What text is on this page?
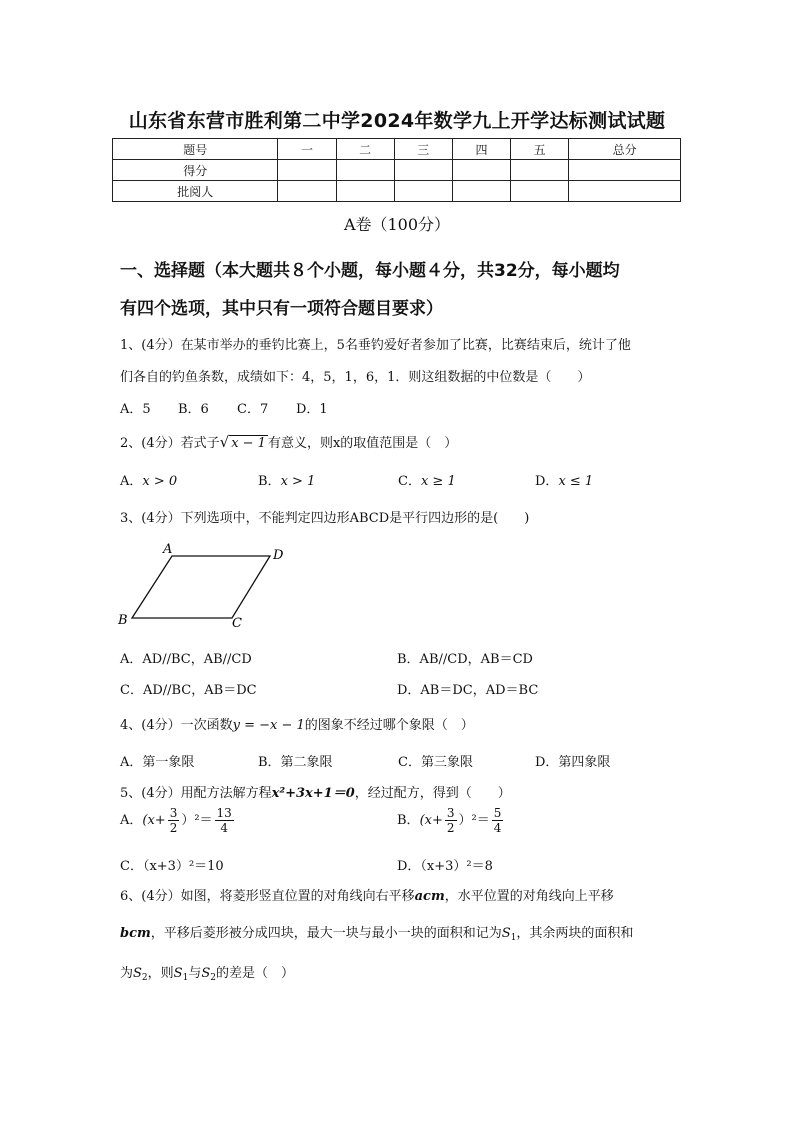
山东省东营市胜利第二中学2024年数学九上开学达标测试试题
题号	一	二	三	四	五	总分
得分						
批阅人						
A卷（100分）
一、选择题（本大题共８个小题，每小题４分，共32分，每小题均
有四个选项，其中只有一项符合题目要求）
1、(4分）在某市举办的垂钓比赛上，5名垂钓爱好者参加了比赛，比赛结束后，统计了他
们各自的钓鱼条数，成绩如下：4，5，1，6，1．则这组数据的中位数是（　　）
A．5 B．6 C．7 D．1
2、(4分）若式子√ x − 1 有意义，则x的取值范围是（　）
A．x > 0	B．x > 1	C．x ≥ 1	D．x ≤ 1
3、(4分）下列选项中，不能判定四边形ABCD是平行四边形的是(　　)
A	D
B	C
A．AD//BC，AB//CD	B．AB//CD，AB＝CD
C．AD//BC，AB＝DC	D．AB＝DC，AD＝BC
4、(4分）一次函数y = −x − 1的图象不经过哪个象限（　）
A．第一象限	B．第二象限	C．第三象限	D．第四象限
5、(4分）用配方法解方程x²+3x+1＝0，经过配方，得到（　　）
A．$(x+ \frac{3}{2} )^2= \frac{13}{4}$	B．$(x+ \frac{3}{2} )^2= \frac{5}{4}$
C．（x+3）²＝10	D．（x+3）²＝8
6、(4分）如图，将菱形竖直位置的对角线向右平移acm，水平位置的对角线向上平移
bcm，平移后菱形被分成四块，最大一块与最小一块的面积和记为$S_1$，其余两块的面积和
为$S_2$，则$S_1$与$S_2$的差是（　）
